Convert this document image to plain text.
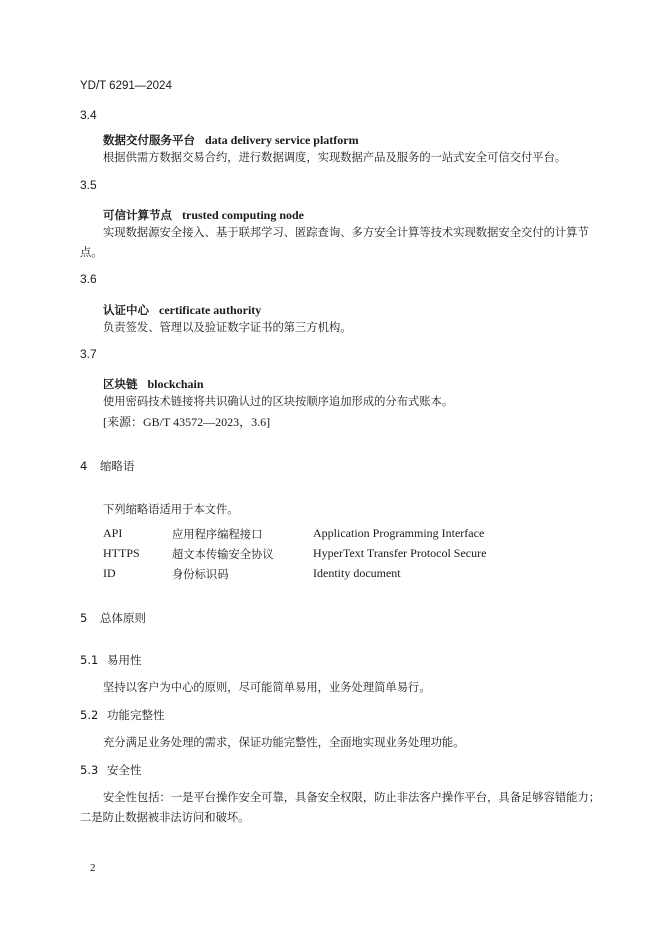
YD/T 6291—2024
3.4
数据交付服务平台 data delivery service platform
根据供需方数据交易合约，进行数据调度，实现数据产品及服务的一站式安全可信交付平台。
3.5
可信计算节点 trusted computing node
实现数据源安全接入、基于联邦学习、匿踪查询、多方安全计算等技术实现数据安全交付的计算节
点。
3.6
认证中心 certificate authority
负责签发、管理以及验证数字证书的第三方机构。
3.7
区块链 blockchain
使用密码技术链接将共识确认过的区块按顺序追加形成的分布式账本。
[来源：GB/T 43572—2023，3.6]
4 缩略语
下列缩略语适用于本文件。
API	应用程序编程接口	Application Programming Interface
HTTPS	超文本传输安全协议	HyperText Transfer Protocol Secure
ID	身份标识码	Identity document
5 总体原则
5.1 易用性
坚持以客户为中心的原则，尽可能简单易用，业务处理简单易行。
5.2 功能完整性
充分满足业务处理的需求，保证功能完整性，全面地实现业务处理功能。
5.3 安全性
安全性包括：一是平台操作安全可靠，具备安全权限，防止非法客户操作平台，具备足够容错能力；
二是防止数据被非法访问和破坏。
2
